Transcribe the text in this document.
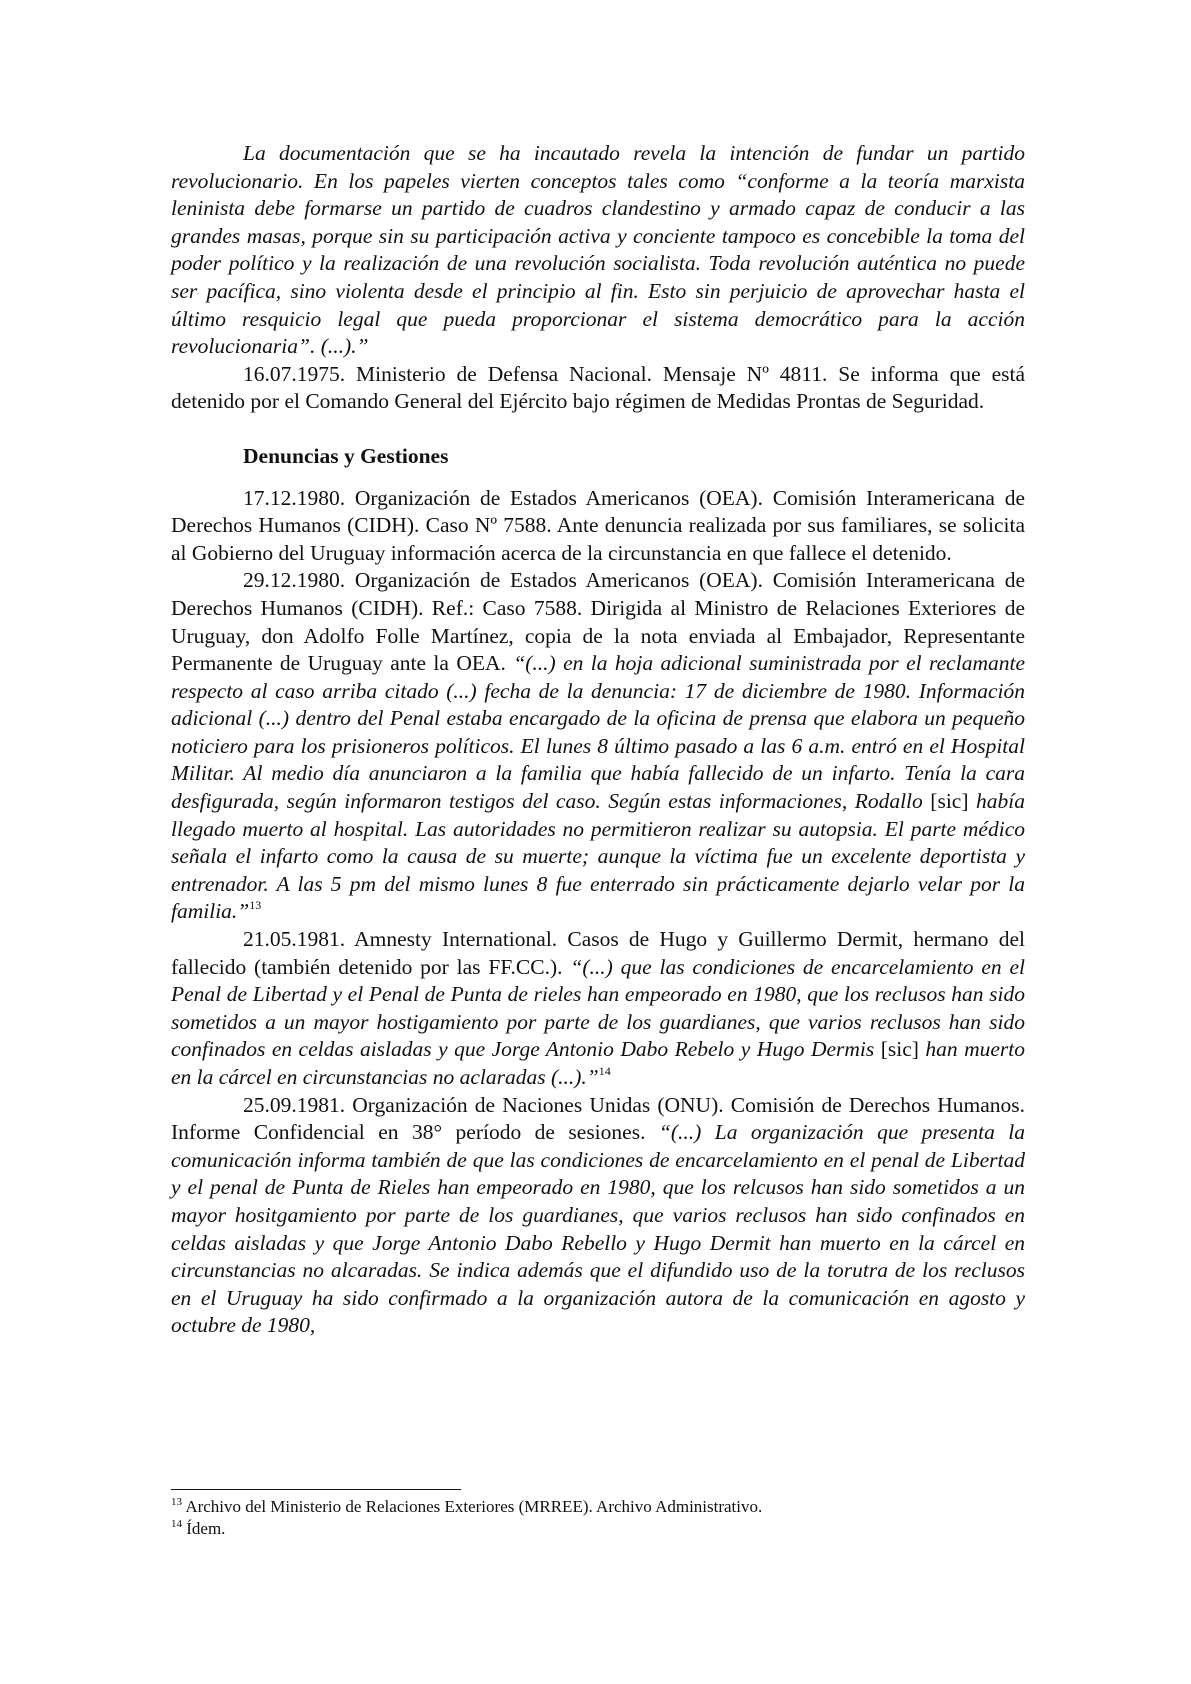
La documentación que se ha incautado revela la intención de fundar un partido revolucionario. En los papeles vierten conceptos tales como “conforme a la teoría marxista leninista debe formarse un partido de cuadros clandestino y armado capaz de conducir a las grandes masas, porque sin su participación activa y conciente tampoco es concebible la toma del poder político y la realización de una revolución socialista. Toda revolución auténtica no puede ser pacífica, sino violenta desde el principio al fin. Esto sin perjuicio de aprovechar hasta el último resquicio legal que pueda proporcionar el sistema democrático para la acción revolucionaria”. (...).”

16.07.1975. Ministerio de Defensa Nacional. Mensaje Nº 4811. Se informa que está detenido por el Comando General del Ejército bajo régimen de Medidas Prontas de Seguridad.

Denuncias y Gestiones

17.12.1980. Organización de Estados Americanos (OEA). Comisión Interamericana de Derechos Humanos (CIDH). Caso Nº 7588. Ante denuncia realizada por sus familiares, se solicita al Gobierno del Uruguay información acerca de la circunstancia en que fallece el detenido.

29.12.1980. Organización de Estados Americanos (OEA). Comisión Interamericana de Derechos Humanos (CIDH). Ref.: Caso 7588. Dirigida al Ministro de Relaciones Exteriores de Uruguay, don Adolfo Folle Martínez, copia de la nota enviada al Embajador, Representante Permanente de Uruguay ante la OEA. “(...) en la hoja adicional suministrada por el reclamante respecto al caso arriba citado (...) fecha de la denuncia: 17 de diciembre de 1980. Información adicional (...) dentro del Penal estaba encargado de la oficina de prensa que elabora un pequeño noticiero para los prisioneros políticos. El lunes 8 último pasado a las 6 a.m. entró en el Hospital Militar. Al medio día anunciaron a la familia que había fallecido de un infarto. Tenía la cara desfigurada, según informaron testigos del caso. Según estas informaciones, Rodallo [sic] había llegado muerto al hospital. Las autoridades no permitieron realizar su autopsia. El parte médico señala el infarto como la causa de su muerte; aunque la víctima fue un excelente deportista y entrenador. A las 5 pm del mismo lunes 8 fue enterrado sin prácticamente dejarlo velar por la familia.”$^{13}$

21.05.1981. Amnesty International. Casos de Hugo y Guillermo Dermit, hermano del fallecido (también detenido por las FF.CC.). “(...) que las condiciones de encarcelamiento en el Penal de Libertad y el Penal de Punta de rieles han empeorado en 1980, que los reclusos han sido sometidos a un mayor hostigamiento por parte de los guardianes, que varios reclusos han sido confinados en celdas aisladas y que Jorge Antonio Dabo Rebelo y Hugo Dermis [sic] han muerto en la cárcel en circunstancias no aclaradas (...).”$^{14}$

25.09.1981. Organización de Naciones Unidas (ONU). Comisión de Derechos Humanos. Informe Confidencial en 38° período de sesiones. “(...) La organización que presenta la comunicación informa también de que las condiciones de encarcelamiento en el penal de Libertad y el penal de Punta de Rieles han empeorado en 1980, que los relcusos han sido sometidos a un mayor hositgamiento por parte de los guardianes, que varios reclusos han sido confinados en celdas aisladas y que Jorge Antonio Dabo Rebello y Hugo Dermit han muerto en la cárcel en circunstancias no alcaradas. Se indica además que el difundido uso de la torutra de los reclusos en el Uruguay ha sido confirmado a la organización autora de la comunicación en agosto y octubre de 1980,

$^{13}$ Archivo del Ministerio de Relaciones Exteriores (MRREE). Archivo Administrativo.

$^{14}$ Ídem.
